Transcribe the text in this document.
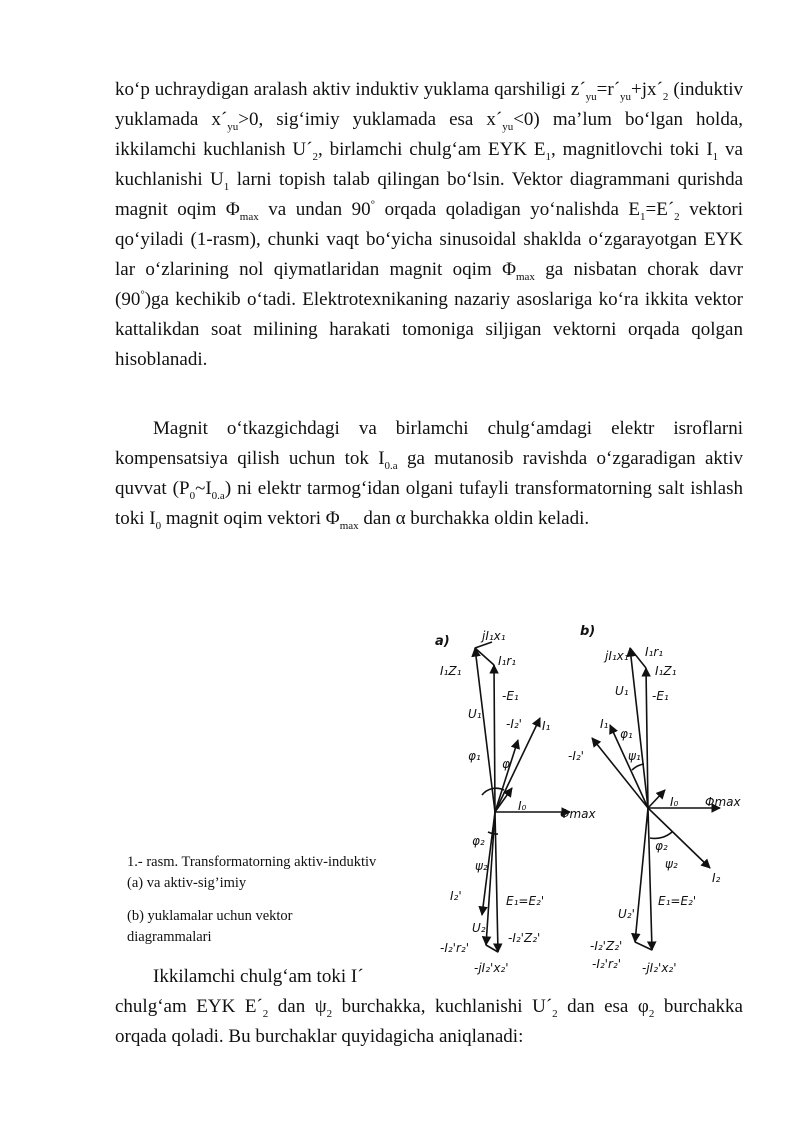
ko‘p uchraydigan aralash aktiv induktiv yuklama qarshiligi $z´_{yu}=r´_{yu}+jx´_2$ (induktiv yuklamada $x´_{yu}>0$, sig‘imiy yuklamada esa $x´_{yu}<0$) ma’lum bo‘lgan holda, ikkilamchi kuchlanish $U´_2$, birlamchi chulg‘am EYK $E_1$, magnitlovchi toki $I_1$ va kuchlanishi $U_1$ larni topish talab qilingan bo‘lsin. Vektor diagrammani qurishda magnit oqim $\Phi_{max}$ va undan 90° orqada qoladigan yo‘nalishda $E_1=E´_2$ vektori qo‘yiladi (1-rasm), chunki vaqt bo‘yicha sinusoidal shaklda o‘zgarayotgan EYK lar o‘zlarining nol qiymatlaridan magnit oqim $\Phi_{max}$ ga nisbatan chorak davr (90°)ga kechikib o‘tadi. Elektrotexnikaning nazariy asoslariga ko‘ra ikkita vektor kattalikdan soat milining harakati tomoniga siljigan vektorni orqada qolgan hisoblanadi.

Magnit o‘tkazgichdagi va birlamchi chulg‘amdagi elektr isroflarni kompensatsiya qilish uchun tok $I_{0.a}$ ga mutanosib ravishda o‘zgaradigan aktiv quvvat $(P_0\sim I_{0.a})$ ni elektr tarmog‘idan olgani tufayli transformatorning salt ishlash toki $I_0$ magnit oqim vektori $\Phi_{max}$ dan α burchakka oldin keladi.

1.- rasm. Transformatorning aktiv-induktiv (a) va aktiv-sig’imiy

(b) yuklamalar uchun vektor diagrammalari

a)	jI₁x₁
I₁Z₁
I₁r₁
-E₁
U₁
-I₂' I₁
φ₁
φ
I₀
Φmax
φ₂
ψ₂
I₂'	E₁=E₂'
U₂'
-I₂'r₂'
-I₂'Z₂'
-jI₂'x₂'
b)
jI₁x₁ I₁r₁
I₁Z₁
U₁ -E₁
I₁
φ₁
-I₂'	ψ₁
I₀ Φmax
φ₂
ψ₂
I₂
E₁=E₂'
U₂'
-I₂'Z₂'
-I₂'r₂' -jI₂'x₂'

Ikkilamchi chulg‘am toki I´

chulg‘am EYK $E´_2$ dan $\psi_2$ burchakka, kuchlanishi $U´_2$ dan esa $\varphi_2$ burchakka orqada qoladi. Bu burchaklar quyidagicha aniqlanadi:
